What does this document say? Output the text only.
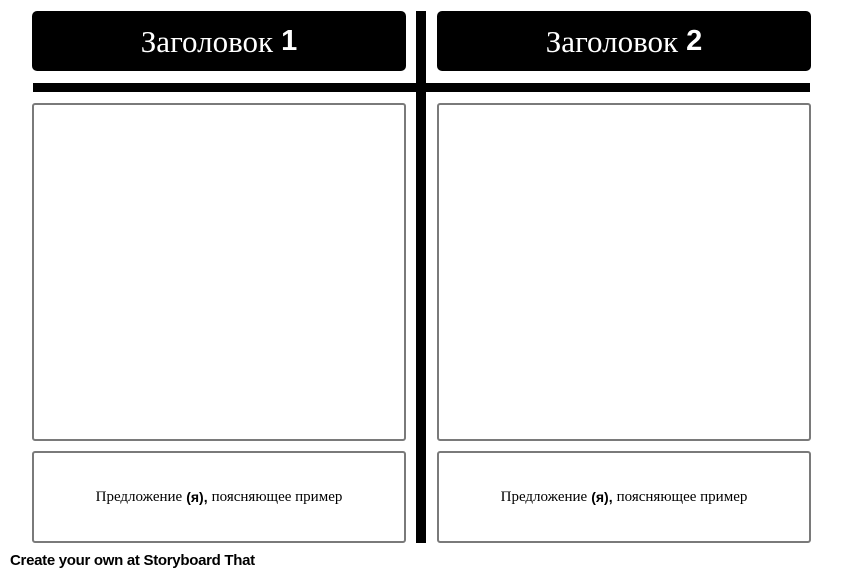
Заголовок 1	Заголовок 2
Предложение (я), поясняющее пример	Предложение (я), поясняющее пример
Create your own at Storyboard That
